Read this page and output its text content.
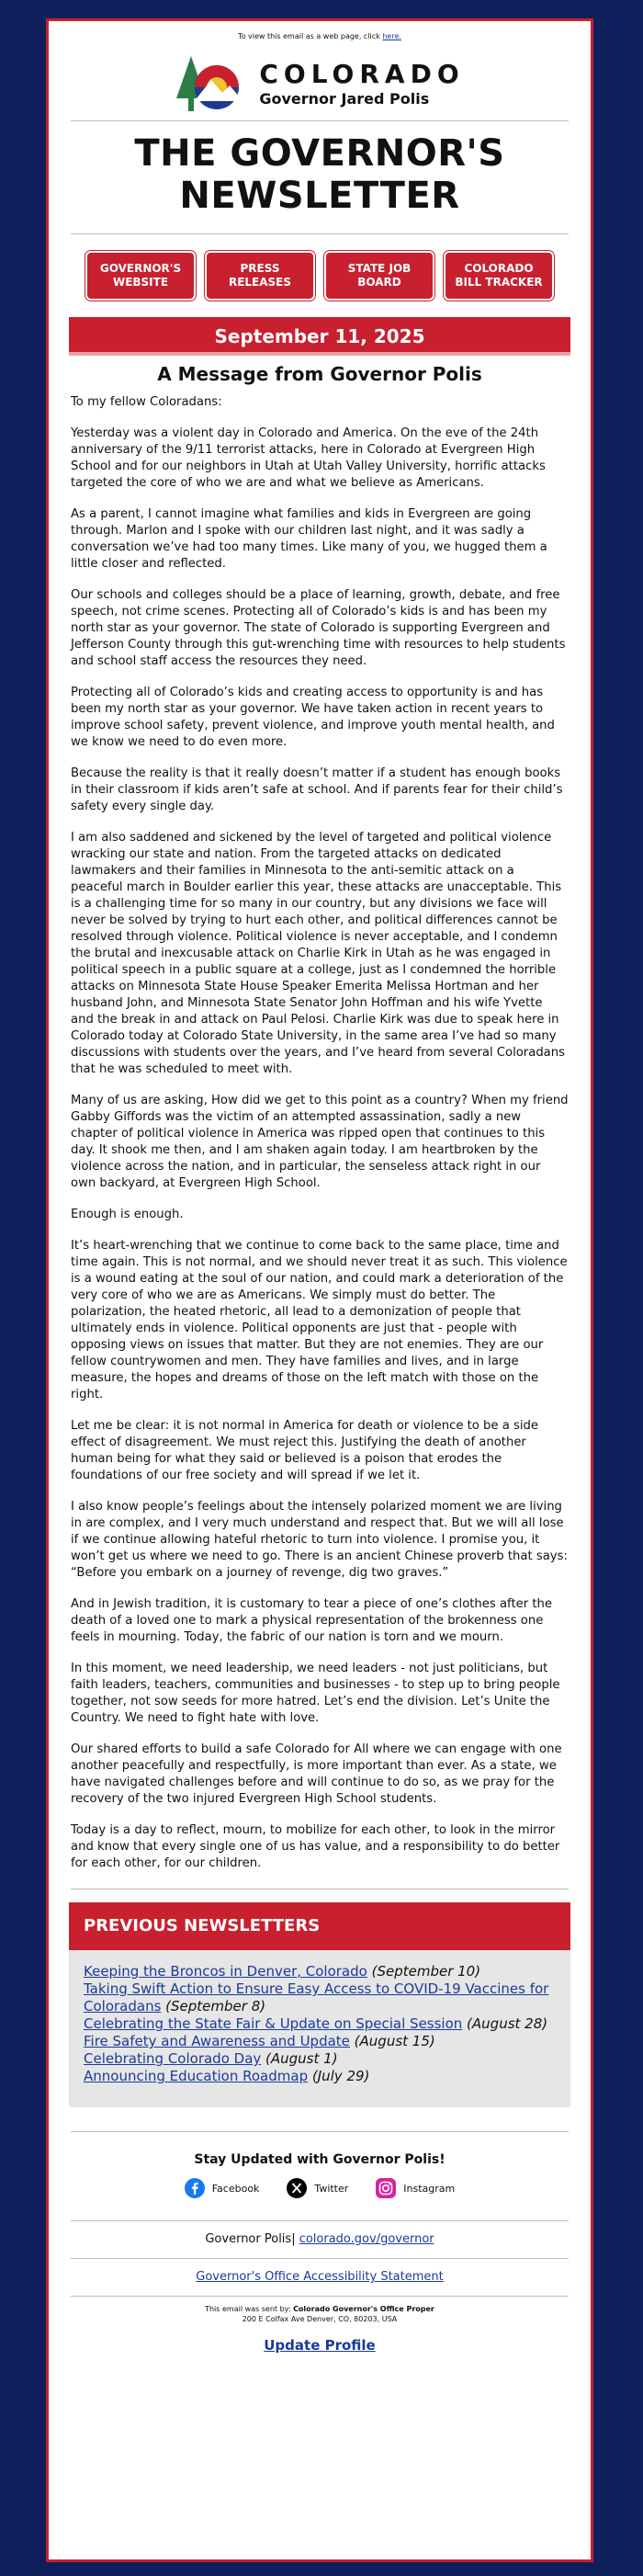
To view this email as a web page, click here.
COLORADO
Governor Jared Polis
THE GOVERNOR'S
NEWSLETTER
GOVERNOR'S
WEBSITE
PRESS
RELEASES
STATE JOB
BOARD
COLORADO
BILL TRACKER
September 11, 2025
A Message from Governor Polis

To my fellow Coloradans:

Yesterday was a violent day in Colorado and America. On the eve of the 24th anniversary of the 9/11 terrorist attacks, here in Colorado at Evergreen High School and for our neighbors in Utah at Utah Valley University, horrific attacks targeted the core of who we are and what we believe as Americans.

As a parent, I cannot imagine what families and kids in Evergreen are going through. Marlon and I spoke with our children last night, and it was sadly a conversation we’ve had too many times. Like many of you, we hugged them a little closer and reflected.

Our schools and colleges should be a place of learning, growth, debate, and free speech, not crime scenes. Protecting all of Colorado’s kids is and has been my north star as your governor. The state of Colorado is supporting Evergreen and Jefferson County through this gut-wrenching time with resources to help students and school staff access the resources they need.

Protecting all of Colorado’s kids and creating access to opportunity is and has been my north star as your governor. We have taken action in recent years to improve school safety, prevent violence, and improve youth mental health, and we know we need to do even more.

Because the reality is that it really doesn’t matter if a student has enough books in their classroom if kids aren’t safe at school. And if parents fear for their child’s safety every single day.

I am also saddened and sickened by the level of targeted and political violence wracking our state and nation. From the targeted attacks on dedicated lawmakers and their families in Minnesota to the anti-semitic attack on a peaceful march in Boulder earlier this year, these attacks are unacceptable. This is a challenging time for so many in our country, but any divisions we face will never be solved by trying to hurt each other, and political differences cannot be resolved through violence. Political violence is never acceptable, and I condemn the brutal and inexcusable attack on Charlie Kirk in Utah as he was engaged in political speech in a public square at a college, just as I condemned the horrible attacks on Minnesota State House Speaker Emerita Melissa Hortman and her husband John, and Minnesota State Senator John Hoffman and his wife Yvette and the break in and attack on Paul Pelosi. Charlie Kirk was due to speak here in Colorado today at Colorado State University, in the same area I’ve had so many discussions with students over the years, and I’ve heard from several Coloradans that he was scheduled to meet with.

Many of us are asking, How did we get to this point as a country? When my friend Gabby Giffords was the victim of an attempted assassination, sadly a new chapter of political violence in America was ripped open that continues to this day. It shook me then, and I am shaken again today. I am heartbroken by the violence across the nation, and in particular, the senseless attack right in our own backyard, at Evergreen High School.

Enough is enough.

It’s heart-wrenching that we continue to come back to the same place, time and time again. This is not normal, and we should never treat it as such. This violence is a wound eating at the soul of our nation, and could mark a deterioration of the very core of who we are as Americans. We simply must do better. The polarization, the heated rhetoric, all lead to a demonization of people that ultimately ends in violence. Political opponents are just that - people with opposing views on issues that matter. But they are not enemies. They are our fellow countrywomen and men. They have families and lives, and in large measure, the hopes and dreams of those on the left match with those on the right.

Let me be clear: it is not normal in America for death or violence to be a side effect of disagreement. We must reject this. Justifying the death of another human being for what they said or believed is a poison that erodes the foundations of our free society and will spread if we let it.

I also know people’s feelings about the intensely polarized moment we are living in are complex, and I very much understand and respect that. But we will all lose if we continue allowing hateful rhetoric to turn into violence. I promise you, it won’t get us where we need to go. There is an ancient Chinese proverb that says: “Before you embark on a journey of revenge, dig two graves.”

And in Jewish tradition, it is customary to tear a piece of one’s clothes after the death of a loved one to mark a physical representation of the brokenness one feels in mourning. Today, the fabric of our nation is torn and we mourn.

In this moment, we need leadership, we need leaders - not just politicians, but faith leaders, teachers, communities and businesses - to step up to bring people together, not sow seeds for more hatred. Let’s end the division. Let’s Unite the Country. We need to fight hate with love.

Our shared efforts to build a safe Colorado for All where we can engage with one another peacefully and respectfully, is more important than ever. As a state, we have navigated challenges before and will continue to do so, as we pray for the recovery of the two injured Evergreen High School students.

Today is a day to reflect, mourn, to mobilize for each other, to look in the mirror and know that every single one of us has value, and a responsibility to do better for each other, for our children.

PREVIOUS NEWSLETTERS
Keeping the Broncos in Denver, Colorado (September 10)
Taking Swift Action to Ensure Easy Access to COVID-19 Vaccines for Coloradans (September 8)
Celebrating the State Fair & Update on Special Session (August 28)
Fire Safety and Awareness and Update (August 15)
Celebrating Colorado Day (August 1)
Announcing Education Roadmap (July 29)
Stay Updated with Governor Polis!
Facebook	Twitter	Instagram
Governor Polis| colorado.gov/governor
Governor's Office Accessibility Statement
This email was sent by: Colorado Governor's Office Proper
200 E Colfax Ave Denver, CO, 80203, USA
Update Profile
